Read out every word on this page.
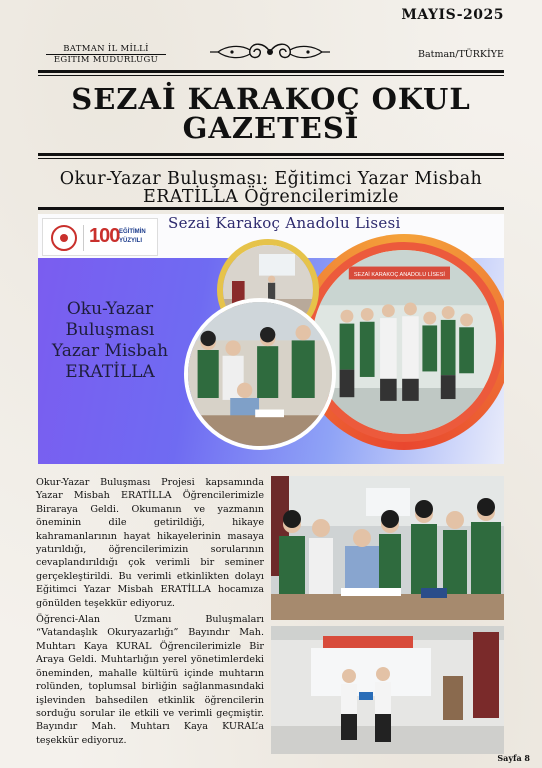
MAYIS-2025
BATMAN İL MİLLİ
EĞİTİM MÜDÜRLÜĞÜ	Batman/TÜRKİYE
SEZAİ KARAKOÇ OKUL
GAZETESİ
Okur-Yazar Buluşması: Eğitimci Yazar Misbah
ERATİLLA Öğrencilerimizle
100 EĞİTİMİN
YÜZYILI
Sezai Karakoç Anadolu Lisesi
Oku-Yazar Buluşması Yazar Misbah ERATİLLA
SEZAİ KARAKOÇ ANADOLU LİSESİ

Okur-Yazar Buluşması Projesi kapsamında Yazar Misbah ERATİLLA Öğrencilerimizle Biraraya Geldi. Okumanın ve yazmanın öneminin dile getirildiği, hikaye kahramanlarının hayat hikayelerinin masaya yatırıldığı, öğrencilerimizin sorularının cevaplandırıldığı çok verimli bir seminer gerçekleştirildi. Bu verimli etkinlikten dolayı Eğitimci Yazar Misbah ERATİLLA hocamıza gönülden teşekkür ediyoruz.

Öğrenci-Alan Uzmanı Buluşmaları “Vatandaşlık Okuryazarlığı” Bayındır Mah. Muhtarı Kaya KURAL Öğrencilerimizle Bir Araya Geldi. Muhtarlığın yerel yönetimlerdeki öneminden, mahalle kültürü içinde muhtarın rolünden, toplumsal birliğin sağlanmasındaki işlevinden bahsedilen etkinlik öğrencilerin sorduğu sorular ile etkili ve verimli geçmiştir. Bayındır Mah. Muhtarı Kaya KURAL’a teşekkür ediyoruz.

Sayfa 8
